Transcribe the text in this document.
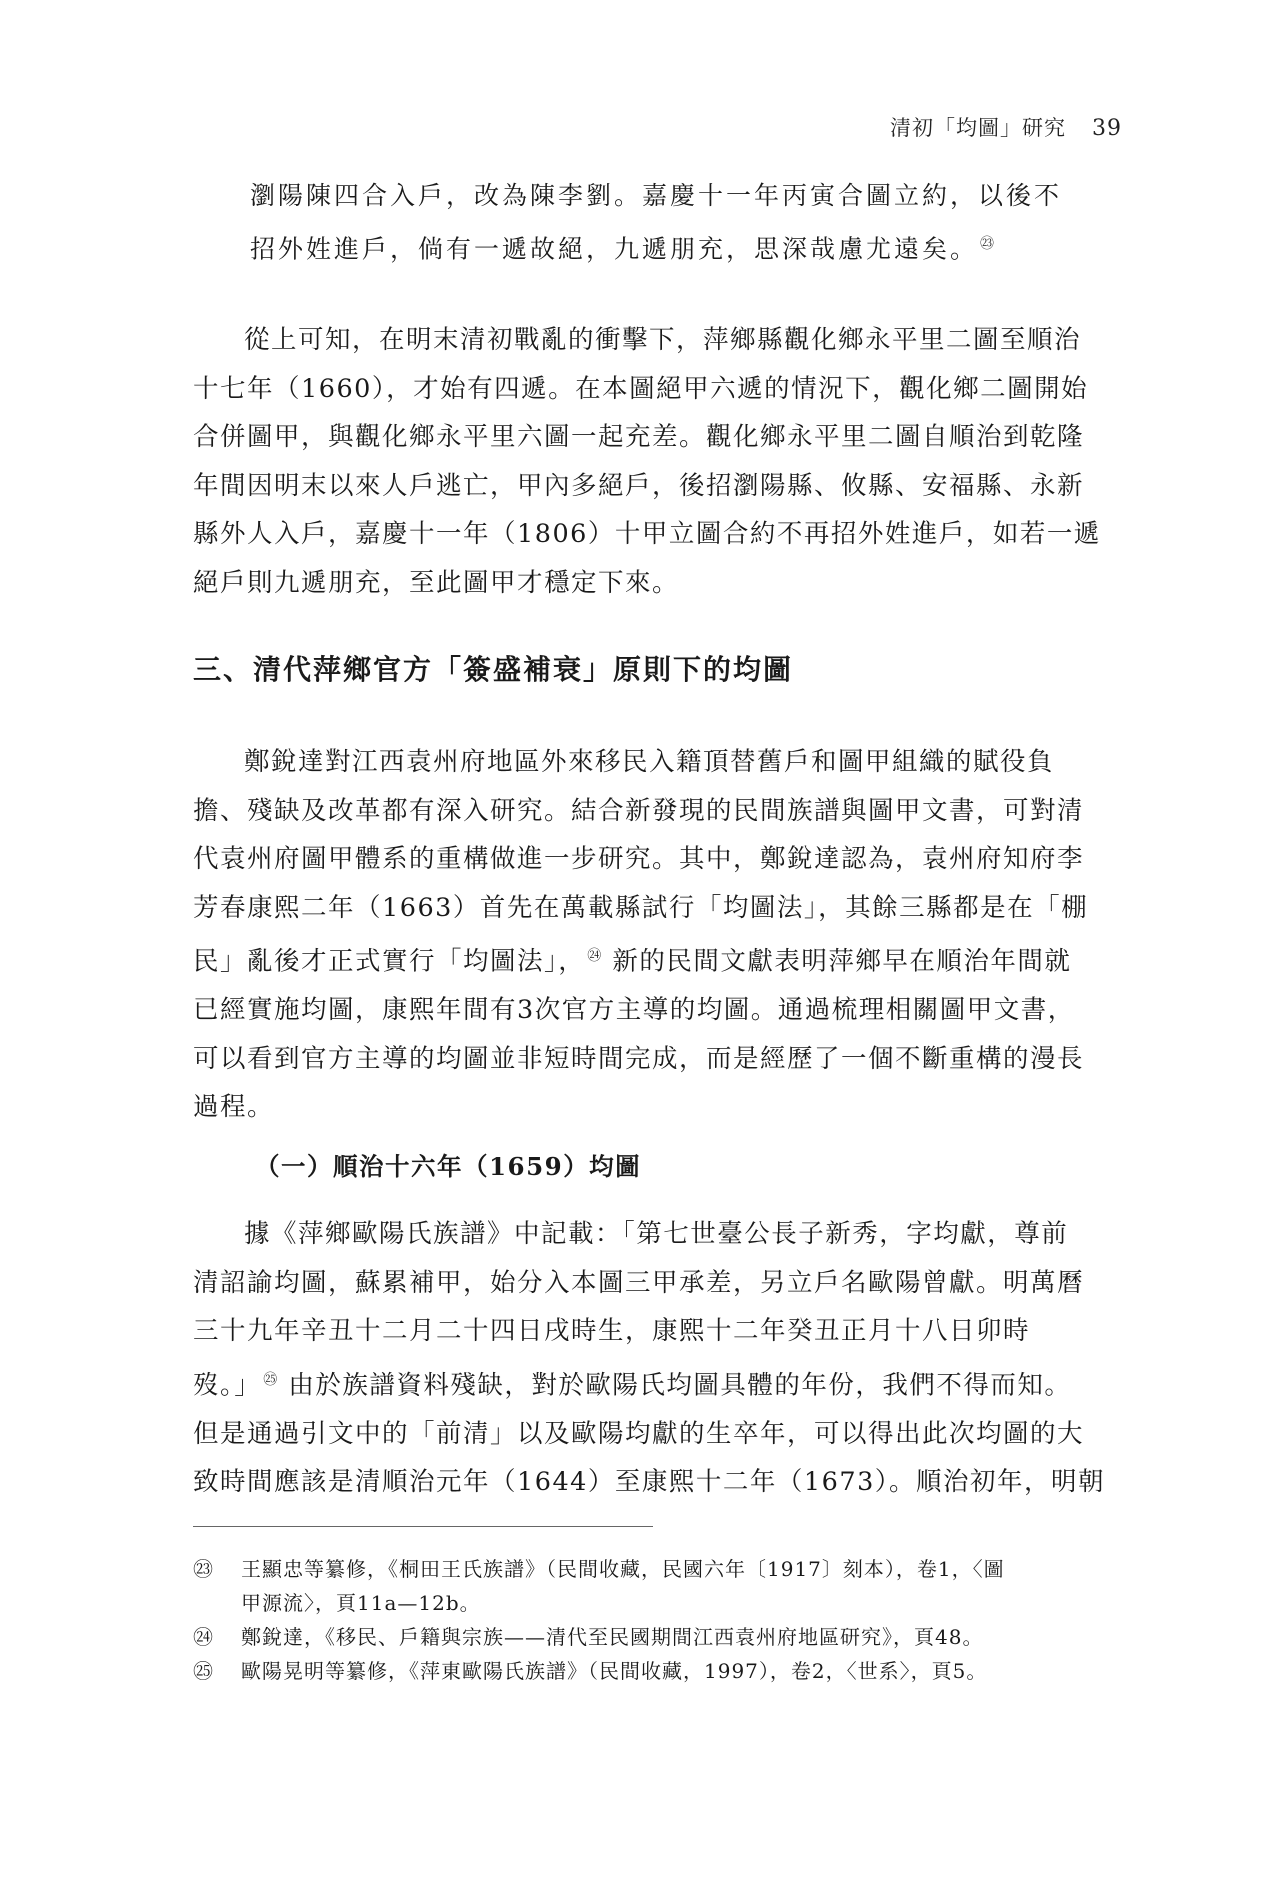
清初「均圖」研究 39

瀏陽陳四合入戶，改為陳李劉。嘉慶十一年丙寅合圖立約，以後不

招外姓進戶，倘有一遞故絕，九遞朋充，思深哉慮尤遠矣。 $^㉓$

從上可知，在明末清初戰亂的衝擊下，萍鄉縣觀化鄉永平里二圖至順治

十七年（1660），才始有四遞。在本圖絕甲六遞的情況下，觀化鄉二圖開始

合併圖甲，與觀化鄉永平里六圖一起充差。觀化鄉永平里二圖自順治到乾隆

年間因明末以來人戶逃亡，甲內多絕戶，後招瀏陽縣、攸縣、安福縣、永新

縣外人入戶，嘉慶十一年（1806）十甲立圖合約不再招外姓進戶，如若一遞

絕戶則九遞朋充，至此圖甲才穩定下來。

三、清代萍鄉官方「簽盛補衰」原則下的均圖

鄭銳達對江西袁州府地區外來移民入籍頂替舊戶和圖甲組織的賦役負

擔、殘缺及改革都有深入研究。結合新發現的民間族譜與圖甲文書，可對清

代袁州府圖甲體系的重構做進一步研究。其中，鄭銳達認為，袁州府知府李

芳春康熙二年（1663）首先在萬載縣試行「均圖法」，其餘三縣都是在「棚

民」亂後才正式實行「均圖法」， $^㉔$ 新的民間文獻表明萍鄉早在順治年間就

已經實施均圖，康熙年間有3次官方主導的均圖。通過梳理相關圖甲文書，

可以看到官方主導的均圖並非短時間完成，而是經歷了一個不斷重構的漫長

過程。

（一）順治十六年（1659）均圖

據《萍鄉歐陽氏族譜》中記載：「第七世臺公長子新秀，字均獻，尊前

清詔諭均圖，蘇累補甲，始分入本圖三甲承差，另立戶名歐陽曾獻。明萬曆

三十九年辛丑十二月二十四日戌時生，康熙十二年癸丑正月十八日卯時

歿。」 $^㉕$ 由於族譜資料殘缺，對於歐陽氏均圖具體的年份，我們不得而知。

但是通過引文中的「前清」以及歐陽均獻的生卒年，可以得出此次均圖的大

致時間應該是清順治元年（1644）至康熙十二年（1673）。順治初年，明朝

㉓	王顯忠等纂修，《桐田王氏族譜》（民間收藏，民國六年〔1917〕刻本），卷1，〈圖
甲源流〉，頁11a—12b。
㉔	鄭銳達，《移民、戶籍與宗族——清代至民國期間江西袁州府地區研究》，頁48。
㉕	歐陽晃明等纂修，《萍東歐陽氏族譜》（民間收藏，1997），卷2，〈世系〉，頁5。
